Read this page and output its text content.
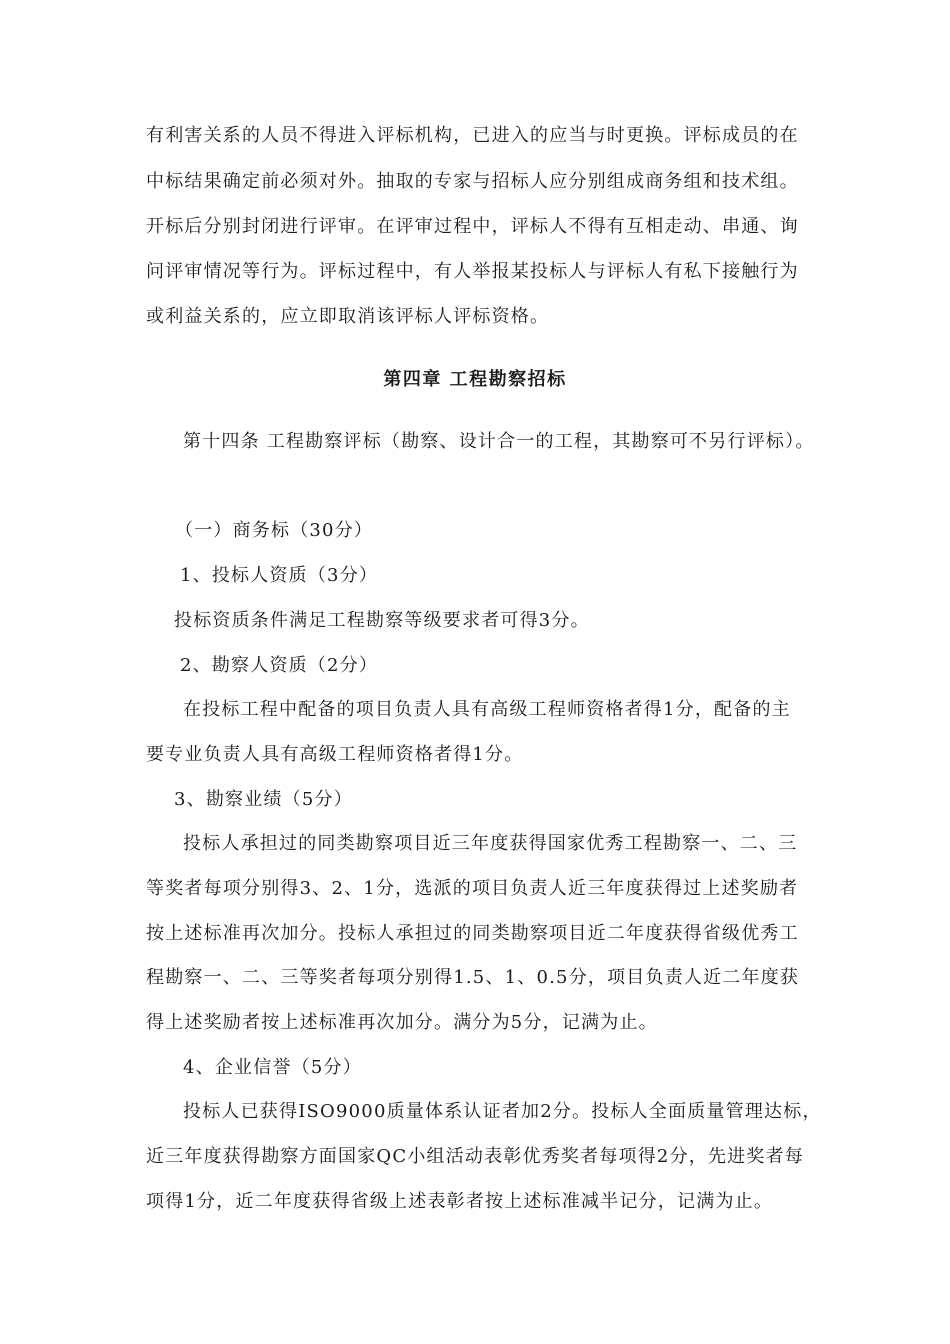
有利害关系的人员不得进入评标机构，已进入的应当与时更换。评标成员的在
中标结果确定前必须对外。抽取的专家与招标人应分别组成商务组和技术组。
开标后分别封闭进行评审。在评审过程中，评标人不得有互相走动、串通、询
问评审情况等行为。评标过程中，有人举报某投标人与评标人有私下接触行为
或利益关系的，应立即取消该评标人评标资格。
第四章 工程勘察招标
第十四条 工程勘察评标（勘察、设计合一的工程，其勘察可不另行评标）。
（一）商务标（30分）
1、投标人资质（3分）
投标资质条件满足工程勘察等级要求者可得3分。
2、勘察人资质（2分）
在投标工程中配备的项目负责人具有高级工程师资格者得1分，配备的主
要专业负责人具有高级工程师资格者得1分。
3、勘察业绩（5分）
投标人承担过的同类勘察项目近三年度获得国家优秀工程勘察一、二、三
等奖者每项分别得3、2、1分，选派的项目负责人近三年度获得过上述奖励者
按上述标准再次加分。投标人承担过的同类勘察项目近二年度获得省级优秀工
程勘察一、二、三等奖者每项分别得1.5、1、0.5分，项目负责人近二年度获
得上述奖励者按上述标准再次加分。满分为5分，记满为止。
4、企业信誉（5分）
投标人已获得ISO9000质量体系认证者加2分。投标人全面质量管理达标，
近三年度获得勘察方面国家QC小组活动表彰优秀奖者每项得2分，先进奖者每
项得1分，近二年度获得省级上述表彰者按上述标准减半记分，记满为止。
